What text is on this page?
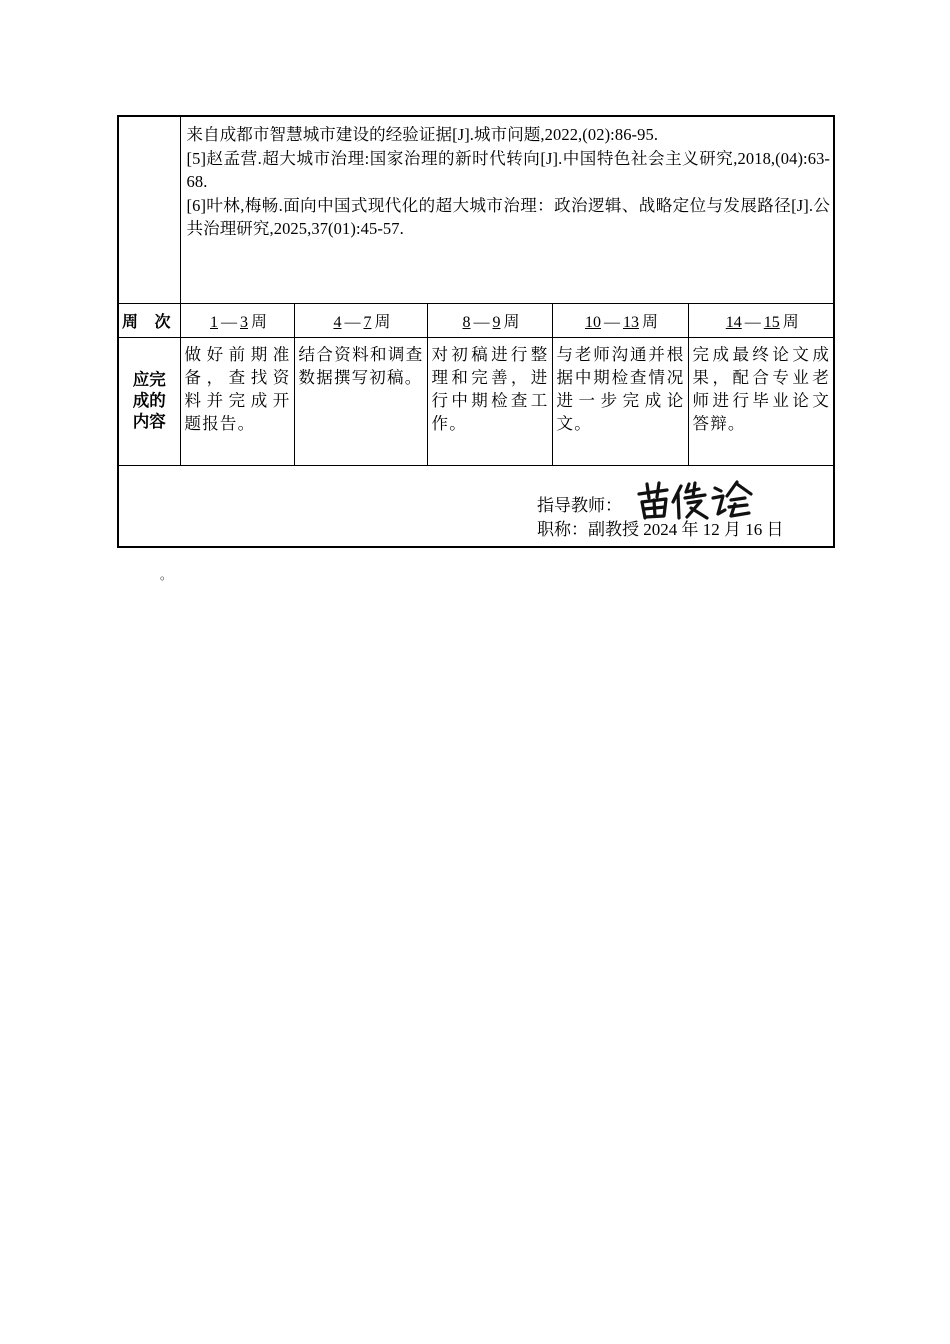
	来自成都市智慧城市建设的经验证据[J].城市问题,2022,(02):86-95.
[5]赵孟营.超大城市治理:国家治理的新时代转向[J].中国特色社会主义研究,2018,(04):63-68.
[6]叶林,梅畅.面向中国式现代化的超大城市治理：政治逻辑、战略定位与发展路径[J].公共治理研究,2025,37(01):45-57.				

周 次	1 — 3 周	4 — 7 周	8 — 9 周	10 — 13 周	14 — 15 周
应完成的内容	做好前期准备，查找资料并完成开题报告。	结合资料和调查数据撰写初稿。	对初稿进行整理和完善，进行中期检查工作。	与老师沟通并根据中期检查情况进一步完成论文。	完成最终论文成果，配合专业老师进行毕业论文答辩。

指导教师：
职称：副教授 2024 年 12 月 16 日					
。
